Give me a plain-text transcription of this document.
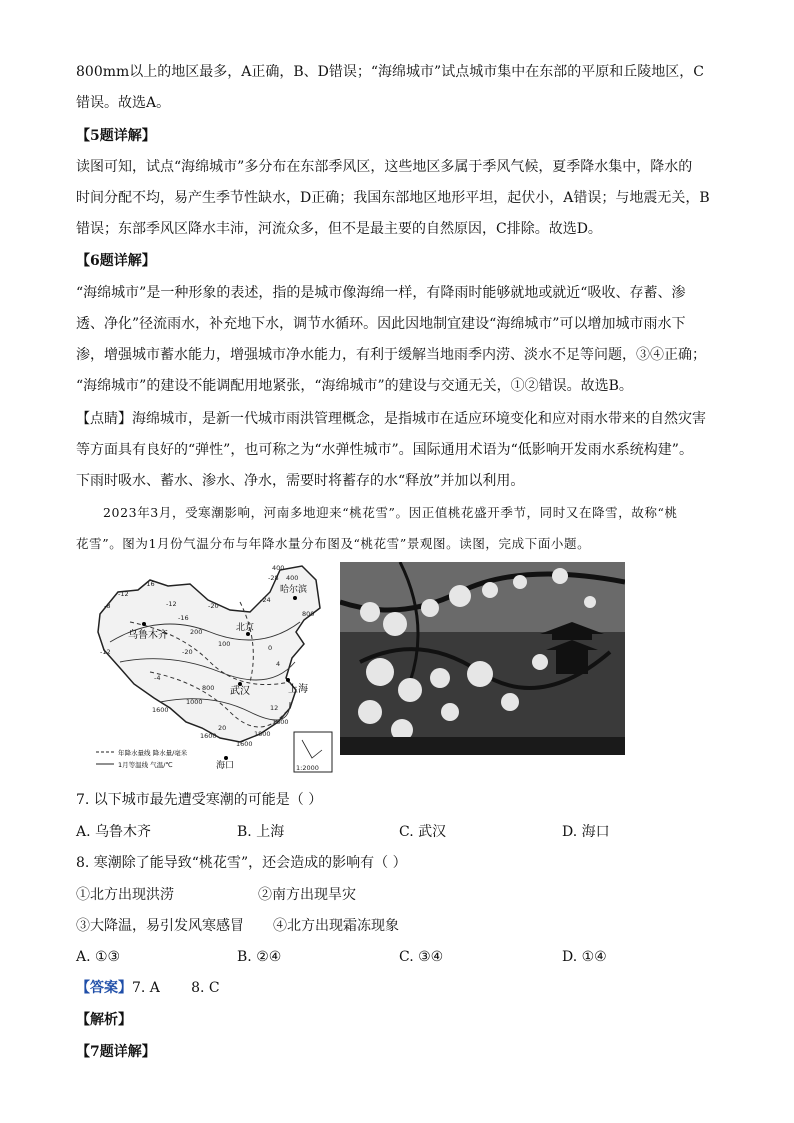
800mm以上的地区最多，A正确，B、D错误；“海绵城市”试点城市集中在东部的平原和丘陵地区，C
错误。故选A。
【5题详解】
读图可知，试点“海绵城市”多分布在东部季风区，这些地区多属于季风气候，夏季降水集中，降水的
时间分配不均，易产生季节性缺水，D正确；我国东部地区地形平坦，起伏小，A错误；与地震无关，B
错误；东部季风区降水丰沛，河流众多，但不是最主要的自然原因，C排除。故选D。
【6题详解】
“海绵城市”是一种形象的表述，指的是城市像海绵一样，有降雨时能够就地或就近“吸收、存蓄、渗
透、净化”径流雨水，补充地下水，调节水循环。因此因地制宜建设“海绵城市”可以增加城市雨水下
渗，增强城市蓄水能力，增强城市净水能力，有利于缓解当地雨季内涝、淡水不足等问题，③④正确；
“海绵城市”的建设不能调配用地紧张，“海绵城市”的建设与交通无关，①②错误。故选B。
【点睛】海绵城市，是新一代城市雨洪管理概念，是指城市在适应环境变化和应对雨水带来的自然灾害
等方面具有良好的“弹性”，也可称之为“水弹性城市”。国际通用术语为“低影响开发雨水系统构建”。
下雨时吸水、蓄水、渗水、净水，需要时将蓄存的水“释放”并加以利用。
2023年3月，受寒潮影响，河南多地迎来“桃花雪”。因正值桃花盛开季节，同时又在降雪，故称“桃
花雪”。图为1月份气温分布与年降水量分布图及“桃花雪”景观图。读图，完成下面小题。
乌鲁木齐
哈尔滨
北京
武汉	上海
海口
-16
-12
-8	-12
-16
-20
-28
-24
400
800
-12	-20
200
100	0
4
-4
1600
1000
800
12
1600
1800
1600
1600
20
400
1:2000
年降水量线 降水量/毫米
1月等温线 气温/℃
7. 以下城市最先遭受寒潮的可能是（ ）
A. 乌鲁木齐	B. 上海	C. 武汉	D. 海口
8. 寒潮除了能导致“桃花雪”，还会造成的影响有（ ）
①北方出现洪涝	②南方出现旱灾
③大降温，易引发风寒感冒 ④北方出现霜冻现象
A. ①③	B. ②④	C. ③④	D. ①④
【答案】7. A       8. C
【解析】
【7题详解】
